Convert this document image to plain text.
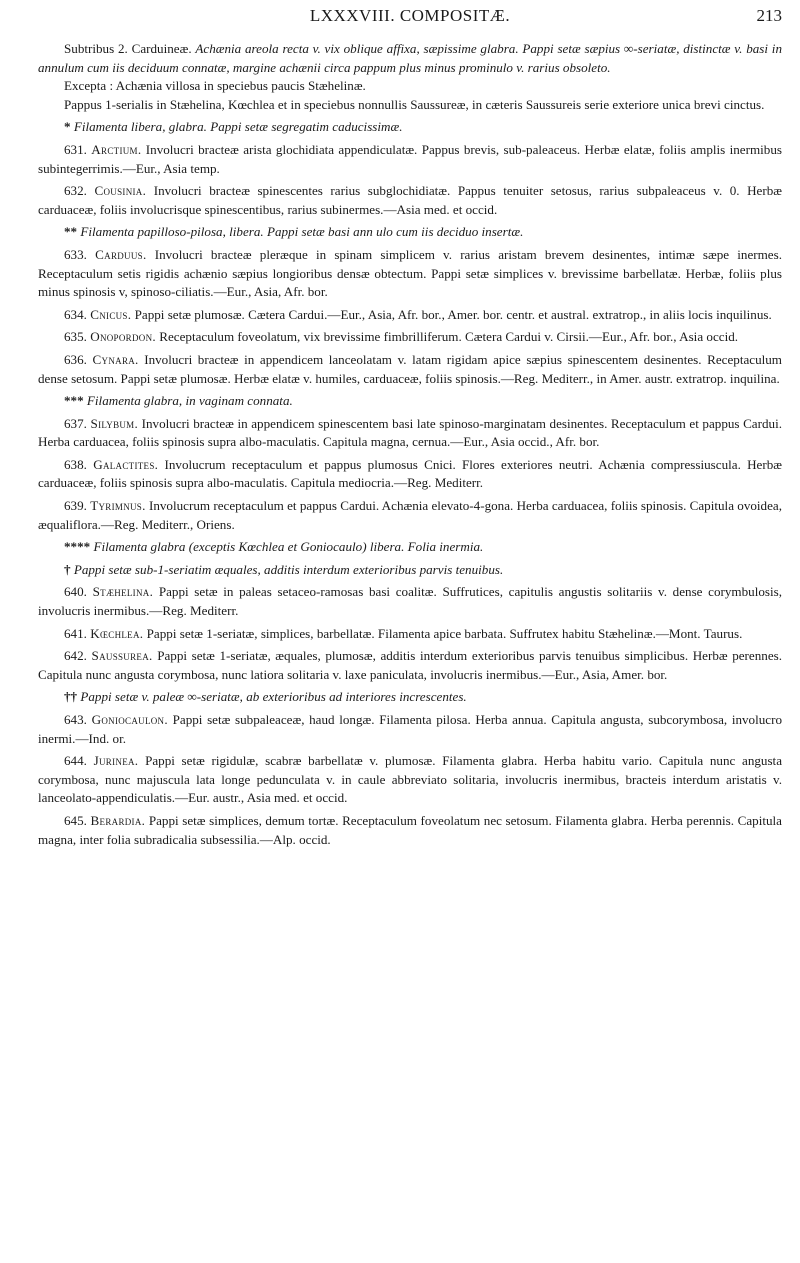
LXXXVIII. COMPOSITÆ.	213

Subtribus 2. Carduineæ. Achænia areola recta v. vix oblique affixa, sæpissime glabra. Pappi setæ sæpius ∞-seriatæ, distinctæ v. basi in annulum cum iis deciduum connatæ, margine achænii circa pappum plus minus prominulo v. rarius obsoleto.

Excepta : Achænia villosa in speciebus paucis Stæhelinæ.

Pappus 1-serialis in Stæhelina, Kœchlea et in speciebus nonnullis Saussureæ, in cæteris Saussureis serie exteriore unica brevi cinctus.

* Filamenta libera, glabra. Pappi setæ segregatim caducissimæ.

631. Arctium. Involucri bracteæ arista glochidiata appendiculatæ. Pappus brevis, sub-paleaceus. Herbæ elatæ, foliis amplis inermibus subintegerrimis.—Eur., Asia temp.

632. Cousinia. Involucri bracteæ spinescentes rarius subglochidiatæ. Pappus tenuiter setosus, rarius subpaleaceus v. 0. Herbæ carduaceæ, foliis involucrisque spinescentibus, rarius subinermes.—Asia med. et occid.

** Filamenta papilloso-pilosa, libera. Pappi setæ basi ann ulo cum iis deciduo insertæ.

633. Carduus. Involucri bracteæ pleræque in spinam simplicem v. rarius aristam brevem desinentes, intimæ sæpe inermes. Receptaculum setis rigidis achænio sæpius longioribus densæ obtectum. Pappi setæ simplices v. brevissime barbellatæ. Herbæ, foliis plus minus spinosis v, spinoso-ciliatis.—Eur., Asia, Afr. bor.

634. Cnicus. Pappi setæ plumosæ. Cætera Cardui.—Eur., Asia, Afr. bor., Amer. bor. centr. et austral. extratrop., in aliis locis inquilinus.

635. Onopordon. Receptaculum foveolatum, vix brevissime fimbrilliferum. Cætera Cardui v. Cirsii.—Eur., Afr. bor., Asia occid.

636. Cynara. Involucri bracteæ in appendicem lanceolatam v. latam rigidam apice sæpius spinescentem desinentes. Receptaculum dense setosum. Pappi setæ plumosæ. Herbæ elatæ v. humiles, carduaceæ, foliis spinosis.—Reg. Mediterr., in Amer. austr. extratrop. inquilina.

*** Filamenta glabra, in vaginam connata.

637. Silybum. Involucri bracteæ in appendicem spinescentem basi late spinoso-marginatam desinentes. Receptaculum et pappus Cardui. Herba carduacea, foliis spinosis supra albo-maculatis. Capitula magna, cernua.—Eur., Asia occid., Afr. bor.

638. Galactites. Involucrum receptaculum et pappus plumosus Cnici. Flores exteriores neutri. Achænia compressiuscula. Herbæ carduaceæ, foliis spinosis supra albo-maculatis. Capitula mediocria.—Reg. Mediterr.

639. Tyrimnus. Involucrum receptaculum et pappus Cardui. Achænia elevato-4-gona. Herba carduacea, foliis spinosis. Capitula ovoidea, æqualiflora.—Reg. Mediterr., Oriens.

**** Filamenta glabra (exceptis Kœchlea et Goniocaulo) libera. Folia inermia.

† Pappi setæ sub-1-seriatim æquales, additis interdum exterioribus parvis tenuibus.

640. Stæhelina. Pappi setæ in paleas setaceo-ramosas basi coalitæ. Suffrutices, capitulis angustis solitariis v. dense corymbulosis, involucris inermibus.—Reg. Mediterr.

641. Kœchlea. Pappi setæ 1-seriatæ, simplices, barbellatæ. Filamenta apice barbata. Suffrutex habitu Stæhelinæ.—Mont. Taurus.

642. Saussurea. Pappi setæ 1-seriatæ, æquales, plumosæ, additis interdum exterioribus parvis tenuibus simplicibus. Herbæ perennes. Capitula nunc angusta corymbosa, nunc latiora solitaria v. laxe paniculata, involucris inermibus.—Eur., Asia, Amer. bor.

†† Pappi setæ v. paleæ ∞-seriatæ, ab exterioribus ad interiores increscentes.

643. Goniocaulon. Pappi setæ subpaleaceæ, haud longæ. Filamenta pilosa. Herba annua. Capitula angusta, subcorymbosa, involucro inermi.—Ind. or.

644. Jurinea. Pappi setæ rigidulæ, scabræ barbellatæ v. plumosæ. Filamenta glabra. Herba habitu vario. Capitula nunc angusta corymbosa, nunc majuscula lata longe pedunculata v. in caule abbreviato solitaria, involucris inermibus, bracteis interdum aristatis v. lanceolato-appendiculatis.—Eur. austr., Asia med. et occid.

645. Berardia. Pappi setæ simplices, demum tortæ. Receptaculum foveolatum nec setosum. Filamenta glabra. Herba perennis. Capitula magna, inter folia subradicalia subsessilia.—Alp. occid.
